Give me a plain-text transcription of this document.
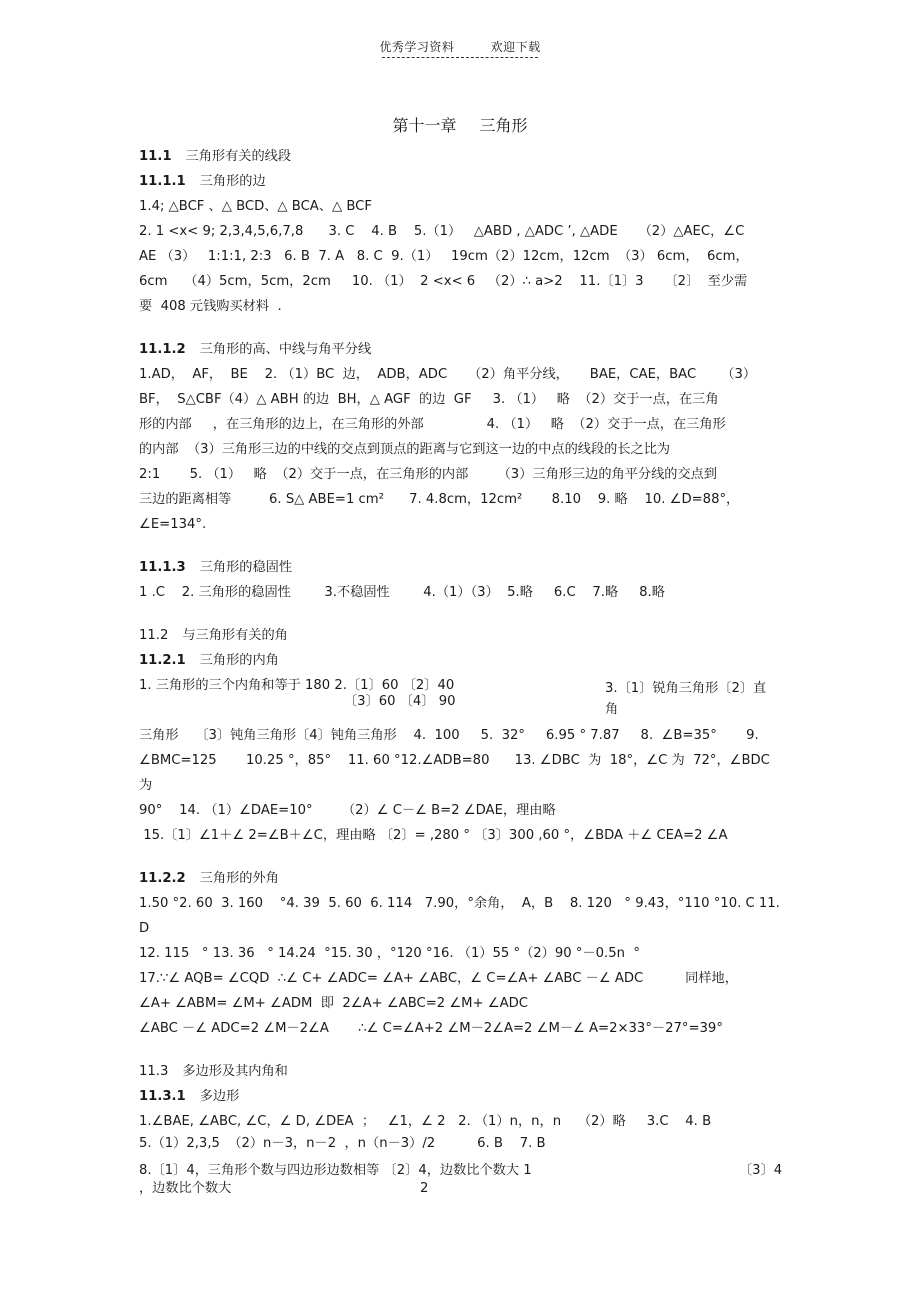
优秀学习资料	欢迎下载
第十一章 三角形

11.1 三角形有关的线段

11.1.1 三角形的边

1.4; △BCF 、△ BCD、△ BCA、△ BCF

2. 1 <x< 9; 2,3,4,5,6,7,8      3. C    4. B    5.（1）   △ABD , △ADC ’, △ADE     （2）△AEC，∠C

AE （3）   1:1:1, 2:3   6. B  7. A   8. C  9.（1）   19cm（2）12cm，12cm  （3） 6cm，  6cm，

6cm    （4）5cm，5cm，2cm     10. （1）  2 <x< 6   （2）∴ a>2    11.〔1〕3     〔2〕  至少需

要  408 元钱购买材料  .

11.1.2 三角形的高、中线与角平分线

1.AD，  AF，  BE    2. （1）BC  边，  ADB，ADC     （2）角平分线，     BAE，CAE，BAC      （3）

BF，  S△CBF（4）△ ABH 的边  BH，△ AGF  的边  GF     3. （1）   略  （2）交于一点，在三角

形的内部     ，在三角形的边上，在三角形的外部               4. （1）   略  （2）交于一点，在三角形

的内部  （3）三角形三边的中线的交点到顶点的距离与它到这一边的中点的线段的长之比为

2:1       5. （1）   略  （2）交于一点，在三角形的内部       （3）三角形三边的角平分线的交点到

三边的距离相等         6. S△ ABE=1 cm²      7. 4.8cm，12cm²       8.10    9. 略    10. ∠D=88°，∠E=134°.

11.1.3 三角形的稳固性

1 .C    2. 三角形的稳固性        3.不稳固性        4.（1）（3）  5.略     6.C    7.略     8.略

11.2 与三角形有关的角

11.2.1 三角形的内角

1. 三角形的三个内角和等于 180 2.〔1〕60 〔2〕40
〔3〕60 〔4〕 90
3.〔1〕锐角三角形〔2〕直
角

三角形    〔3〕钝角三角形〔4〕钝角三角形    4.  100     5.  32°     6.95 ° 7.87     8.  ∠B=35°       9.

∠BMC=125       10.25 °，85°    11. 60 °12.∠ADB=80      13. ∠DBC  为  18°，∠C 为  72°，∠BDC  为

90°    14. （1）∠DAE=10°       （2）∠ C－∠ B=2 ∠DAE，理由略

15.〔1〕∠1＋∠ 2=∠B＋∠C，理由略 〔2〕= ,280 ° 〔3〕300 ,60 °，∠BDA ＋∠ CEA=2 ∠A

11.2.2 三角形的外角

1.50 °2. 60  3. 160    °4. 39  5. 60  6. 114   7.90，°余角，  A，B    8. 120   ° 9.43，°110 °10. C 11. D

12. 115   ° 13. 36   ° 14.24  °15. 30 ，°120 °16. （1）55 °（2）90 °－0.5n  °

17.∵∠ AQB= ∠CQD  ∴∠ C+ ∠ADC= ∠A+ ∠ABC，∠ C=∠A+ ∠ABC －∠ ADC          同样地，

∠A+ ∠ABM= ∠M+ ∠ADM  即  2∠A+ ∠ABC=2 ∠M+ ∠ADC

∠ABC －∠ ADC=2 ∠M－2∠A       ∴∠ C=∠A+2 ∠M－2∠A=2 ∠M－∠ A=2×33°－27°=39°

11.3 多边形及其内角和

11.3.1 多边形

1.∠BAE, ∠ABC, ∠C，∠ D, ∠DEA  ；   ∠1，∠ 2   2. （1）n，n，n    （2）略     3.C    4. B

5.（1）2,3,5  （2）n－3，n－2  ，n（n－3）/2          6. B    7. B

8.〔1〕4，三角形个数与四边形边数相等 〔2〕4，边数比个数大 1	〔3〕4
，边数比个数大	2
